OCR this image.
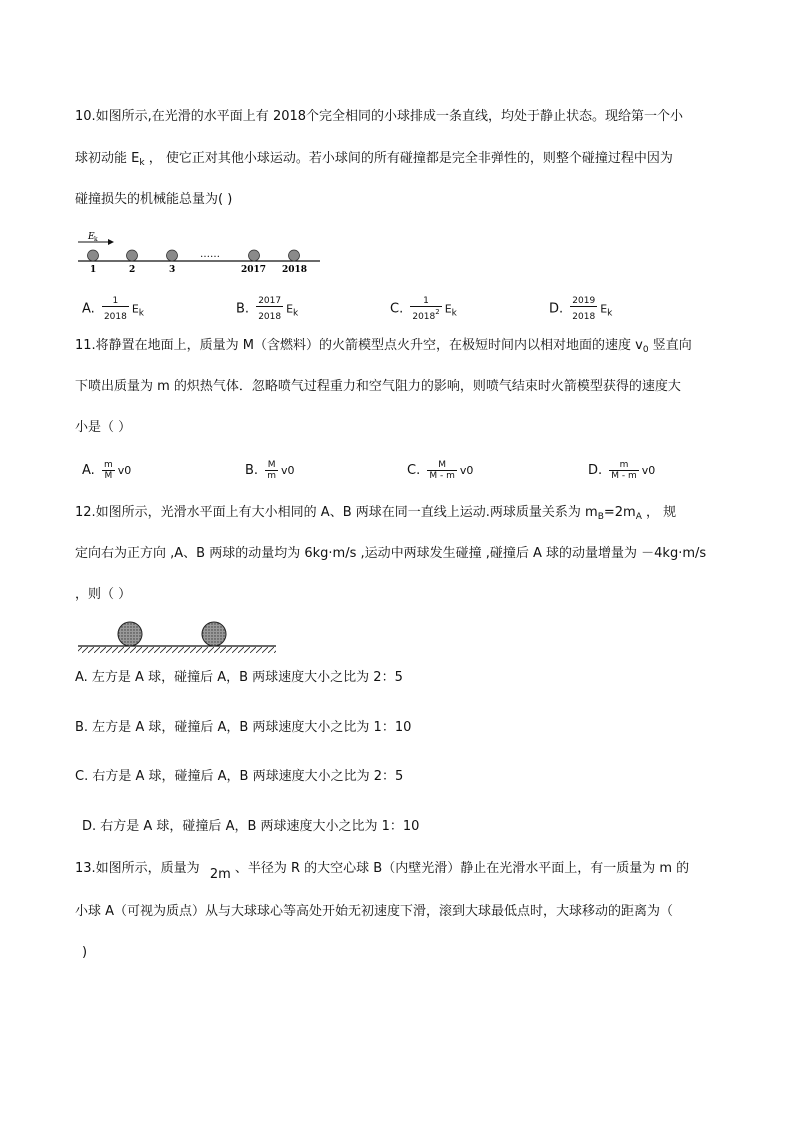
10.如图所示,在光滑的水平面上有 2018个完全相同的小球排成一条直线，均处于静止状态。现给第一个小
球初动能 $E_k$ ， 使它正对其他小球运动。若小球间的所有碰撞都是完全非弹性的，则整个碰撞过程中因为
碰撞损失的机械能总量为( )
E k
……
1	2	3	2017 2018
A. $\frac{1}{2018} E_k$	B. $\frac{2017}{2018} E_k$	C. $\frac{1}{2018^2} E_k$	D. $\frac{2019}{2018} E_k$
11.将静置在地面上，质量为 M（含燃料）的火箭模型点火升空，在极短时间内以相对地面的速度 $v_0$ 竖直向
下喷出质量为 m 的炽热气体．忽略喷气过程重力和空气阻力的影响，则喷气结束时火箭模型获得的速度大
小是（ ）
A. $\frac{m}{M} v0$	B. $\frac{M}{m} v0$	C. $\frac{M}{M - m} v0$	D. $\frac{m}{M - m} v0$
12.如图所示，光滑水平面上有大小相同的 A、B 两球在同一直线上运动.两球质量关系为 $m_B=2m_A$ ， 规
定向右为正方向 ,A、B 两球的动量均为 6kg·m/s ,运动中两球发生碰撞 ,碰撞后 A 球的动量增量为 －4kg·m/s
，则（ ）
A. 左方是 A 球，碰撞后 A，B 两球速度大小之比为 2：5
B. 左方是 A 球，碰撞后 A，B 两球速度大小之比为 1：10
C. 右方是 A 球，碰撞后 A，B 两球速度大小之比为 2：5
D. 右方是 A 球，碰撞后 A，B 两球速度大小之比为 1：10
13.如图所示，质量为 2m 、半径为 R 的大空心球 B（内壁光滑）静止在光滑水平面上，有一质量为 m 的
小球 A（可视为质点）从与大球球心等高处开始无初速度下滑，滚到大球最低点时，大球移动的距离为（
)
